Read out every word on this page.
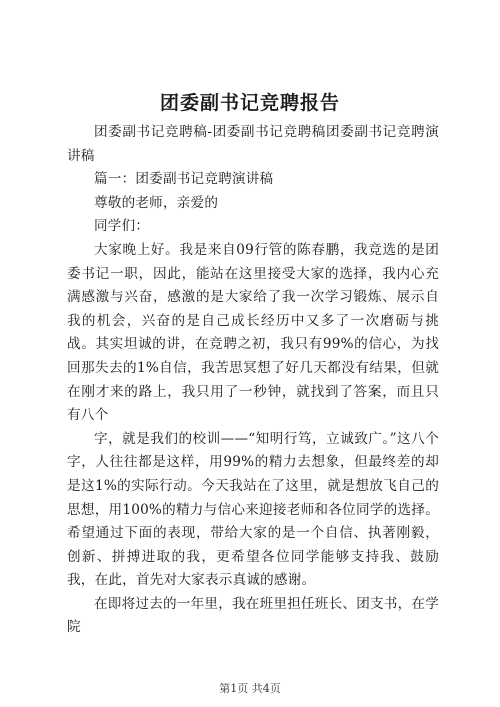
团委副书记竞聘报告

团委副书记竞聘稿-团委副书记竞聘稿团委副书记竞聘演讲稿

篇一：团委副书记竞聘演讲稿

尊敬的老师，亲爱的

同学们：

大家晚上好。我是来自09行管的陈春鹏，我竞选的是团委书记一职，因此，能站在这里接受大家的选择，我内心充满感激与兴奋，感激的是大家给了我一次学习锻炼、展示自我的机会，兴奋的是自己成长经历中又多了一次磨砺与挑战。其实坦诚的讲，在竞聘之初，我只有99%的信心，为找回那失去的1%自信，我苦思冥想了好几天都没有结果，但就在刚才来的路上，我只用了一秒钟，就找到了答案，而且只有八个

字，就是我们的校训——“知明行笃，立诚致广。”这八个字，人往往都是这样，用99%的精力去想象，但最终差的却是这1%的实际行动。今天我站在了这里，就是想放飞自己的思想，用100%的精力与信心来迎接老师和各位同学的选择。希望通过下面的表现，带给大家的是一个自信、执著刚毅，创新、拼搏进取的我，更希望各位同学能够支持我、鼓励我，在此，首先对大家表示真诚的感谢。

在即将过去的一年里，我在班里担任班长、团支书，在学院

第1页 共4页
